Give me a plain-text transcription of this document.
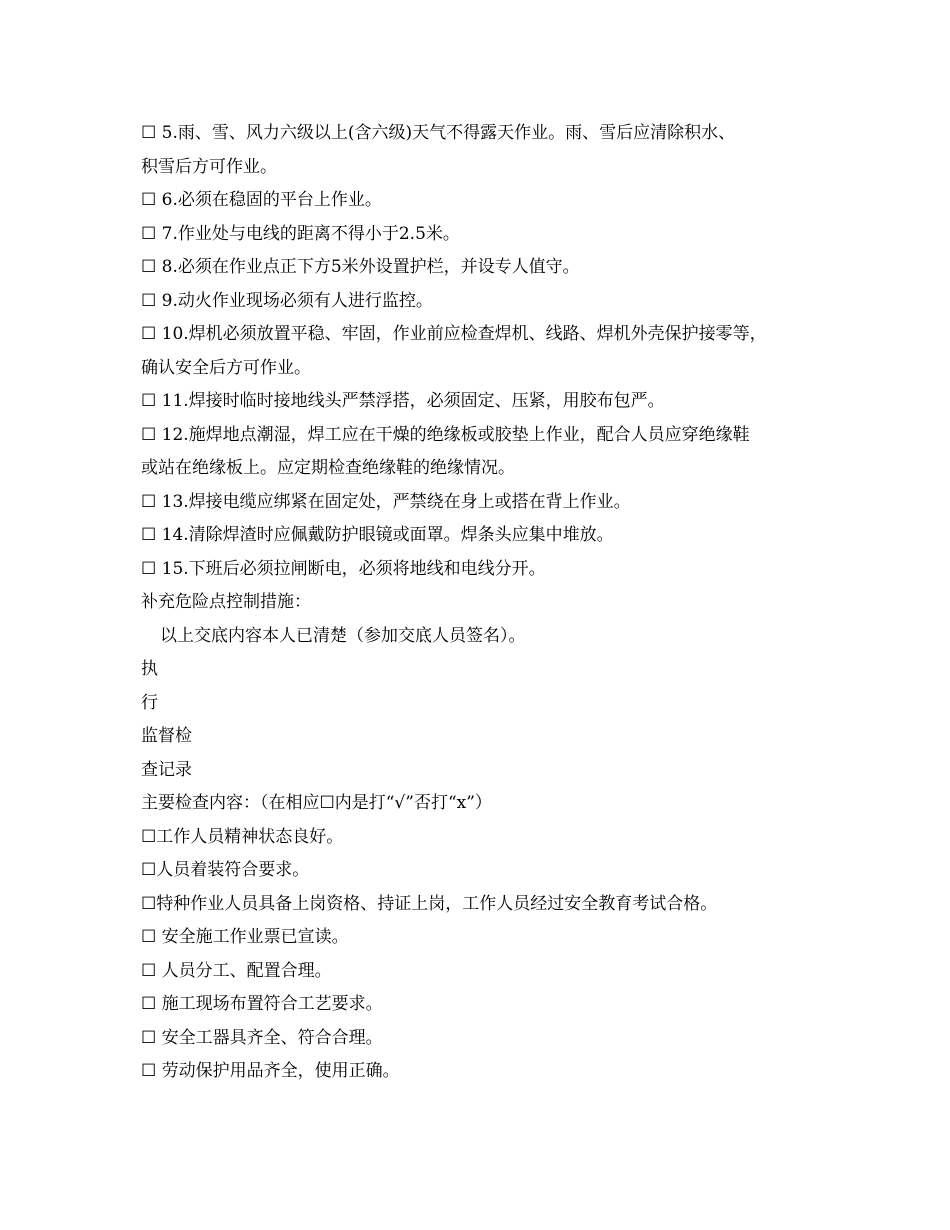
☐ 5.雨、雪、风力六级以上(含六级)天气不得露天作业。雨、雪后应清除积水、
积雪后方可作业。
☐ 6.必须在稳固的平台上作业。
☐ 7.作业处与电线的距离不得小于2.5米。
☐ 8.必须在作业点正下方5米外设置护栏，并设专人值守。
☐ 9.动火作业现场必须有人进行监控。
☐ 10.焊机必须放置平稳、牢固，作业前应检查焊机、线路、焊机外壳保护接零等，
确认安全后方可作业。
☐ 11.焊接时临时接地线头严禁浮搭，必须固定、压紧，用胶布包严。
☐ 12.施焊地点潮湿，焊工应在干燥的绝缘板或胶垫上作业，配合人员应穿绝缘鞋
或站在绝缘板上。应定期检查绝缘鞋的绝缘情况。
☐ 13.焊接电缆应绑紧在固定处，严禁绕在身上或搭在背上作业。
☐ 14.清除焊渣时应佩戴防护眼镜或面罩。焊条头应集中堆放。
☐ 15.下班后必须拉闸断电，必须将地线和电线分开。
补充危险点控制措施：
以上交底内容本人已清楚（参加交底人员签名）。
执
行
监督检
查记录
主要检查内容：（在相应☐内是打“√”否打“x”）
☐工作人员精神状态良好。
☐人员着装符合要求。
☐特种作业人员具备上岗资格、持证上岗，工作人员经过安全教育考试合格。
☐ 安全施工作业票已宣读。
☐ 人员分工、配置合理。
☐ 施工现场布置符合工艺要求。
☐ 安全工器具齐全、符合合理。
☐ 劳动保护用品齐全，使用正确。
